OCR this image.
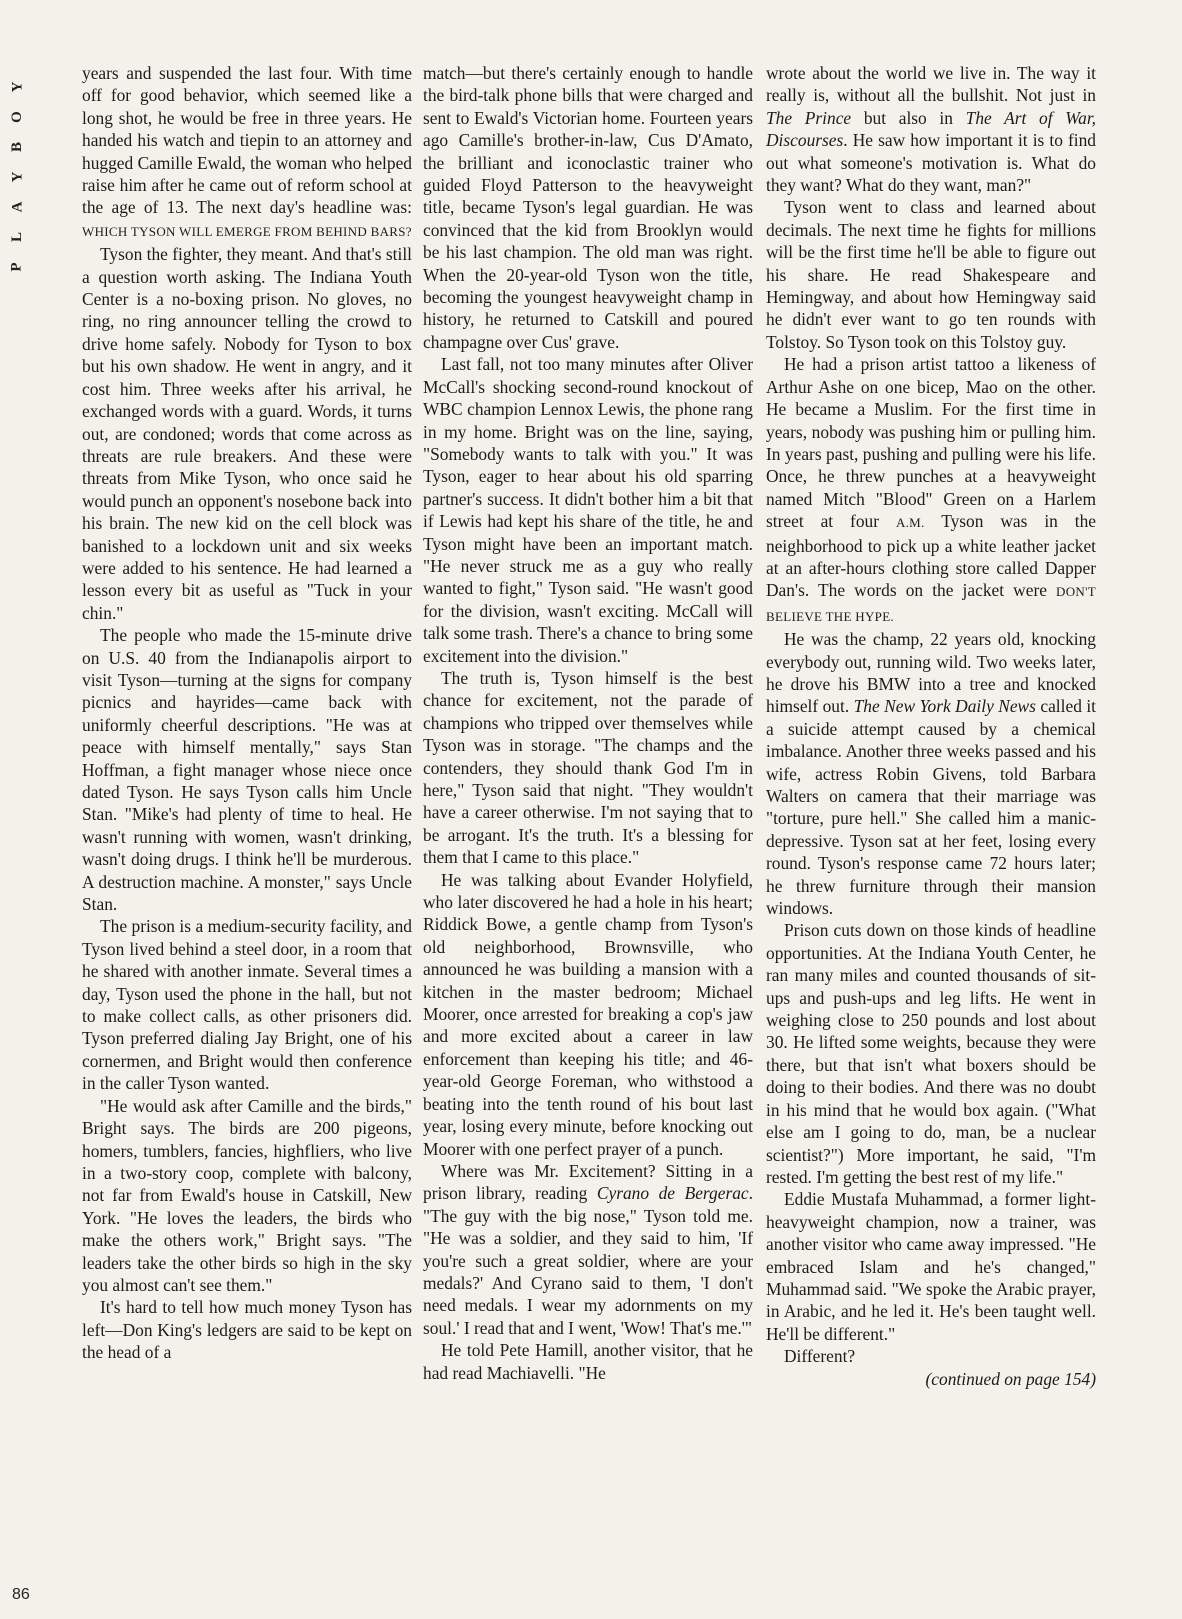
Y
O
B
Y
A
L
P

years and suspended the last four. With time off for good behavior, which seemed like a long shot, he would be free in three years. He handed his watch and tiepin to an attorney and hugged Camille Ewald, the woman who helped raise him after he came out of reform school at the age of 13. The next day's headline was: WHICH TYSON WILL EMERGE FROM BEHIND BARS?

Tyson the fighter, they meant. And that's still a question worth asking. The Indiana Youth Center is a no-boxing prison. No gloves, no ring, no ring announcer telling the crowd to drive home safely. Nobody for Tyson to box but his own shadow. He went in angry, and it cost him. Three weeks after his arrival, he exchanged words with a guard. Words, it turns out, are condoned; words that come across as threats are rule breakers. And these were threats from Mike Tyson, who once said he would punch an opponent's nosebone back into his brain. The new kid on the cell block was banished to a lockdown unit and six weeks were added to his sentence. He had learned a lesson every bit as useful as "Tuck in your chin."

The people who made the 15-minute drive on U.S. 40 from the Indianapolis airport to visit Tyson—turning at the signs for company picnics and hayrides—came back with uniformly cheerful descriptions. "He was at peace with himself mentally," says Stan Hoffman, a fight manager whose niece once dated Tyson. He says Tyson calls him Uncle Stan. "Mike's had plenty of time to heal. He wasn't running with women, wasn't drinking, wasn't doing drugs. I think he'll be murderous. A destruction machine. A monster," says Uncle Stan.

The prison is a medium-security facility, and Tyson lived behind a steel door, in a room that he shared with another inmate. Several times a day, Tyson used the phone in the hall, but not to make collect calls, as other prisoners did. Tyson preferred dialing Jay Bright, one of his cornermen, and Bright would then conference in the caller Tyson wanted.

"He would ask after Camille and the birds," Bright says. The birds are 200 pigeons, homers, tumblers, fancies, highfliers, who live in a two-story coop, complete with balcony, not far from Ewald's house in Catskill, New York. "He loves the leaders, the birds who make the others work," Bright says. "The leaders take the other birds so high in the sky you almost can't see them."

It's hard to tell how much money Tyson has left—Don King's ledgers are said to be kept on the head of a

match—but there's certainly enough to handle the bird-talk phone bills that were charged and sent to Ewald's Victorian home. Fourteen years ago Camille's brother-in-law, Cus D'Amato, the brilliant and iconoclastic trainer who guided Floyd Patterson to the heavyweight title, became Tyson's legal guardian. He was convinced that the kid from Brooklyn would be his last champion. The old man was right. When the 20-year-old Tyson won the title, becoming the youngest heavyweight champ in history, he returned to Catskill and poured champagne over Cus' grave.

Last fall, not too many minutes after Oliver McCall's shocking second-round knockout of WBC champion Lennox Lewis, the phone rang in my home. Bright was on the line, saying, "Somebody wants to talk with you." It was Tyson, eager to hear about his old sparring partner's success. It didn't bother him a bit that if Lewis had kept his share of the title, he and Tyson might have been an important match. "He never struck me as a guy who really wanted to fight," Tyson said. "He wasn't good for the division, wasn't exciting. McCall will talk some trash. There's a chance to bring some excitement into the division."

The truth is, Tyson himself is the best chance for excitement, not the parade of champions who tripped over themselves while Tyson was in storage. "The champs and the contenders, they should thank God I'm in here," Tyson said that night. "They wouldn't have a career otherwise. I'm not saying that to be arrogant. It's the truth. It's a blessing for them that I came to this place."

He was talking about Evander Holyfield, who later discovered he had a hole in his heart; Riddick Bowe, a gentle champ from Tyson's old neighborhood, Brownsville, who announced he was building a mansion with a kitchen in the master bedroom; Michael Moorer, once arrested for breaking a cop's jaw and more excited about a career in law enforcement than keeping his title; and 46-year-old George Foreman, who withstood a beating into the tenth round of his bout last year, losing every minute, before knocking out Moorer with one perfect prayer of a punch.

Where was Mr. Excitement? Sitting in a prison library, reading Cyrano de Bergerac. "The guy with the big nose," Tyson told me. "He was a soldier, and they said to him, 'If you're such a great soldier, where are your medals?' And Cyrano said to them, 'I don't need medals. I wear my adornments on my soul.' I read that and I went, 'Wow! That's me.'"

He told Pete Hamill, another visitor, that he had read Machiavelli. "He

wrote about the world we live in. The way it really is, without all the bullshit. Not just in The Prince but also in The Art of War, Discourses. He saw how important it is to find out what someone's motivation is. What do they want? What do they want, man?"

Tyson went to class and learned about decimals. The next time he fights for millions will be the first time he'll be able to figure out his share. He read Shakespeare and Hemingway, and about how Hemingway said he didn't ever want to go ten rounds with Tolstoy. So Tyson took on this Tolstoy guy.

He had a prison artist tattoo a likeness of Arthur Ashe on one bicep, Mao on the other. He became a Muslim. For the first time in years, nobody was pushing him or pulling him. In years past, pushing and pulling were his life. Once, he threw punches at a heavyweight named Mitch "Blood" Green on a Harlem street at four A.M. Tyson was in the neighborhood to pick up a white leather jacket at an after-hours clothing store called Dapper Dan's. The words on the jacket were DON'T BELIEVE THE HYPE.

He was the champ, 22 years old, knocking everybody out, running wild. Two weeks later, he drove his BMW into a tree and knocked himself out. The New York Daily News called it a suicide attempt caused by a chemical imbalance. Another three weeks passed and his wife, actress Robin Givens, told Barbara Walters on camera that their marriage was "torture, pure hell." She called him a manic-depressive. Tyson sat at her feet, losing every round. Tyson's response came 72 hours later; he threw furniture through their mansion windows.

Prison cuts down on those kinds of headline opportunities. At the Indiana Youth Center, he ran many miles and counted thousands of sit-ups and push-ups and leg lifts. He went in weighing close to 250 pounds and lost about 30. He lifted some weights, because they were there, but that isn't what boxers should be doing to their bodies. And there was no doubt in his mind that he would box again. ("What else am I going to do, man, be a nuclear scientist?") More important, he said, "I'm rested. I'm getting the best rest of my life."

Eddie Mustafa Muhammad, a former light-heavyweight champion, now a trainer, was another visitor who came away impressed. "He embraced Islam and he's changed," Muhammad said. "We spoke the Arabic prayer, in Arabic, and he led it. He's been taught well. He'll be different."

Different?

(continued on page 154)

86
